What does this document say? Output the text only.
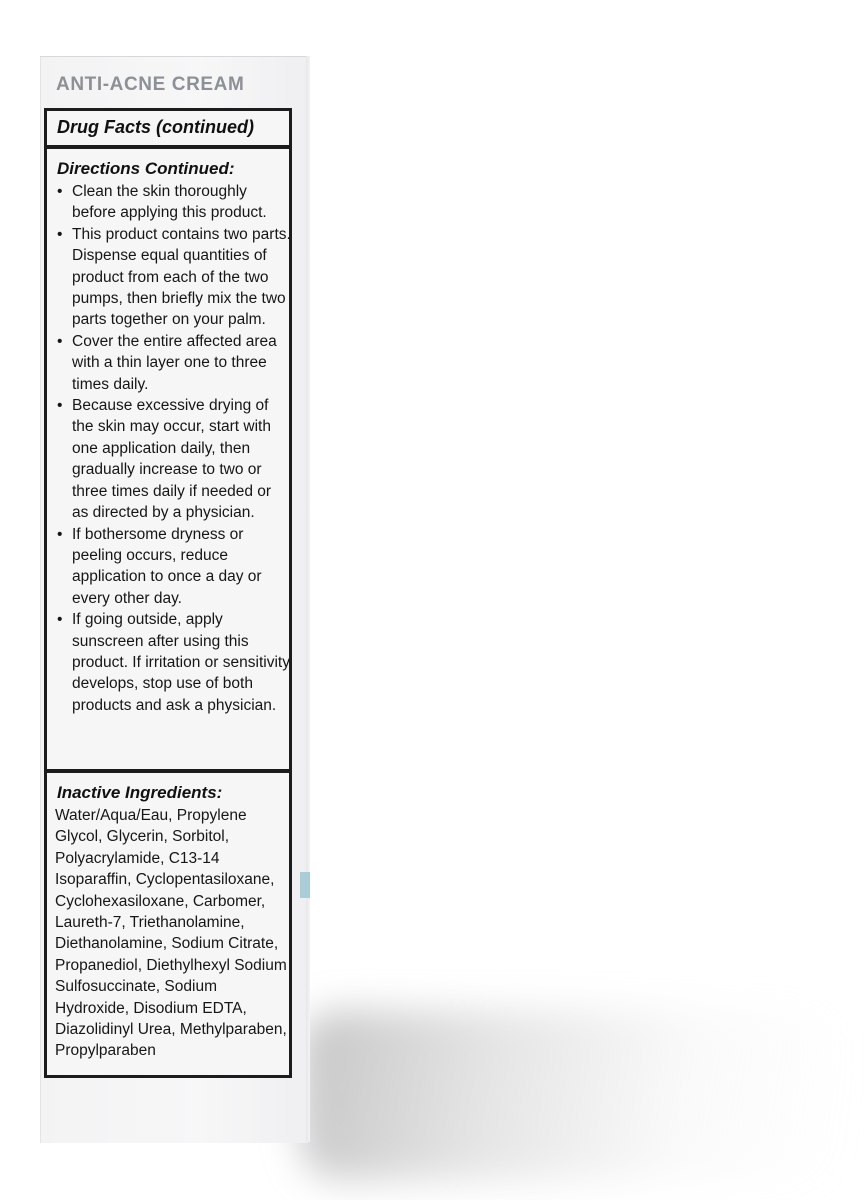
ANTI-ACNE CREAM
Drug Facts (continued)
Directions Continued:
• Clean the skin thoroughly before applying this product.
• This product contains two parts. Dispense equal quantities of product from each of the two pumps, then briefly mix the two parts together on your palm.
• Cover the entire affected area with a thin layer one to three times daily.
• Because excessive drying of the skin may occur, start with one application daily, then gradually increase to two or three times daily if needed or as directed by a physician.
• If bothersome dryness or peeling occurs, reduce application to once a day or every other day.
• If going outside, apply sunscreen after using this product. If irritation or sensitivity develops, stop use of both products and ask a physician.
Inactive Ingredients:
Water/Aqua/Eau, Propylene Glycol, Glycerin, Sorbitol, Polyacrylamide, C13-14 Isoparaffin, Cyclopentasiloxane, Cyclohexasiloxane, Carbomer, Laureth-7, Triethanolamine, Diethanolamine, Sodium Citrate, Propanediol, Diethylhexyl Sodium Sulfosuccinate, Sodium Hydroxide, Disodium EDTA, Diazolidinyl Urea, Methylparaben, Propylparaben
